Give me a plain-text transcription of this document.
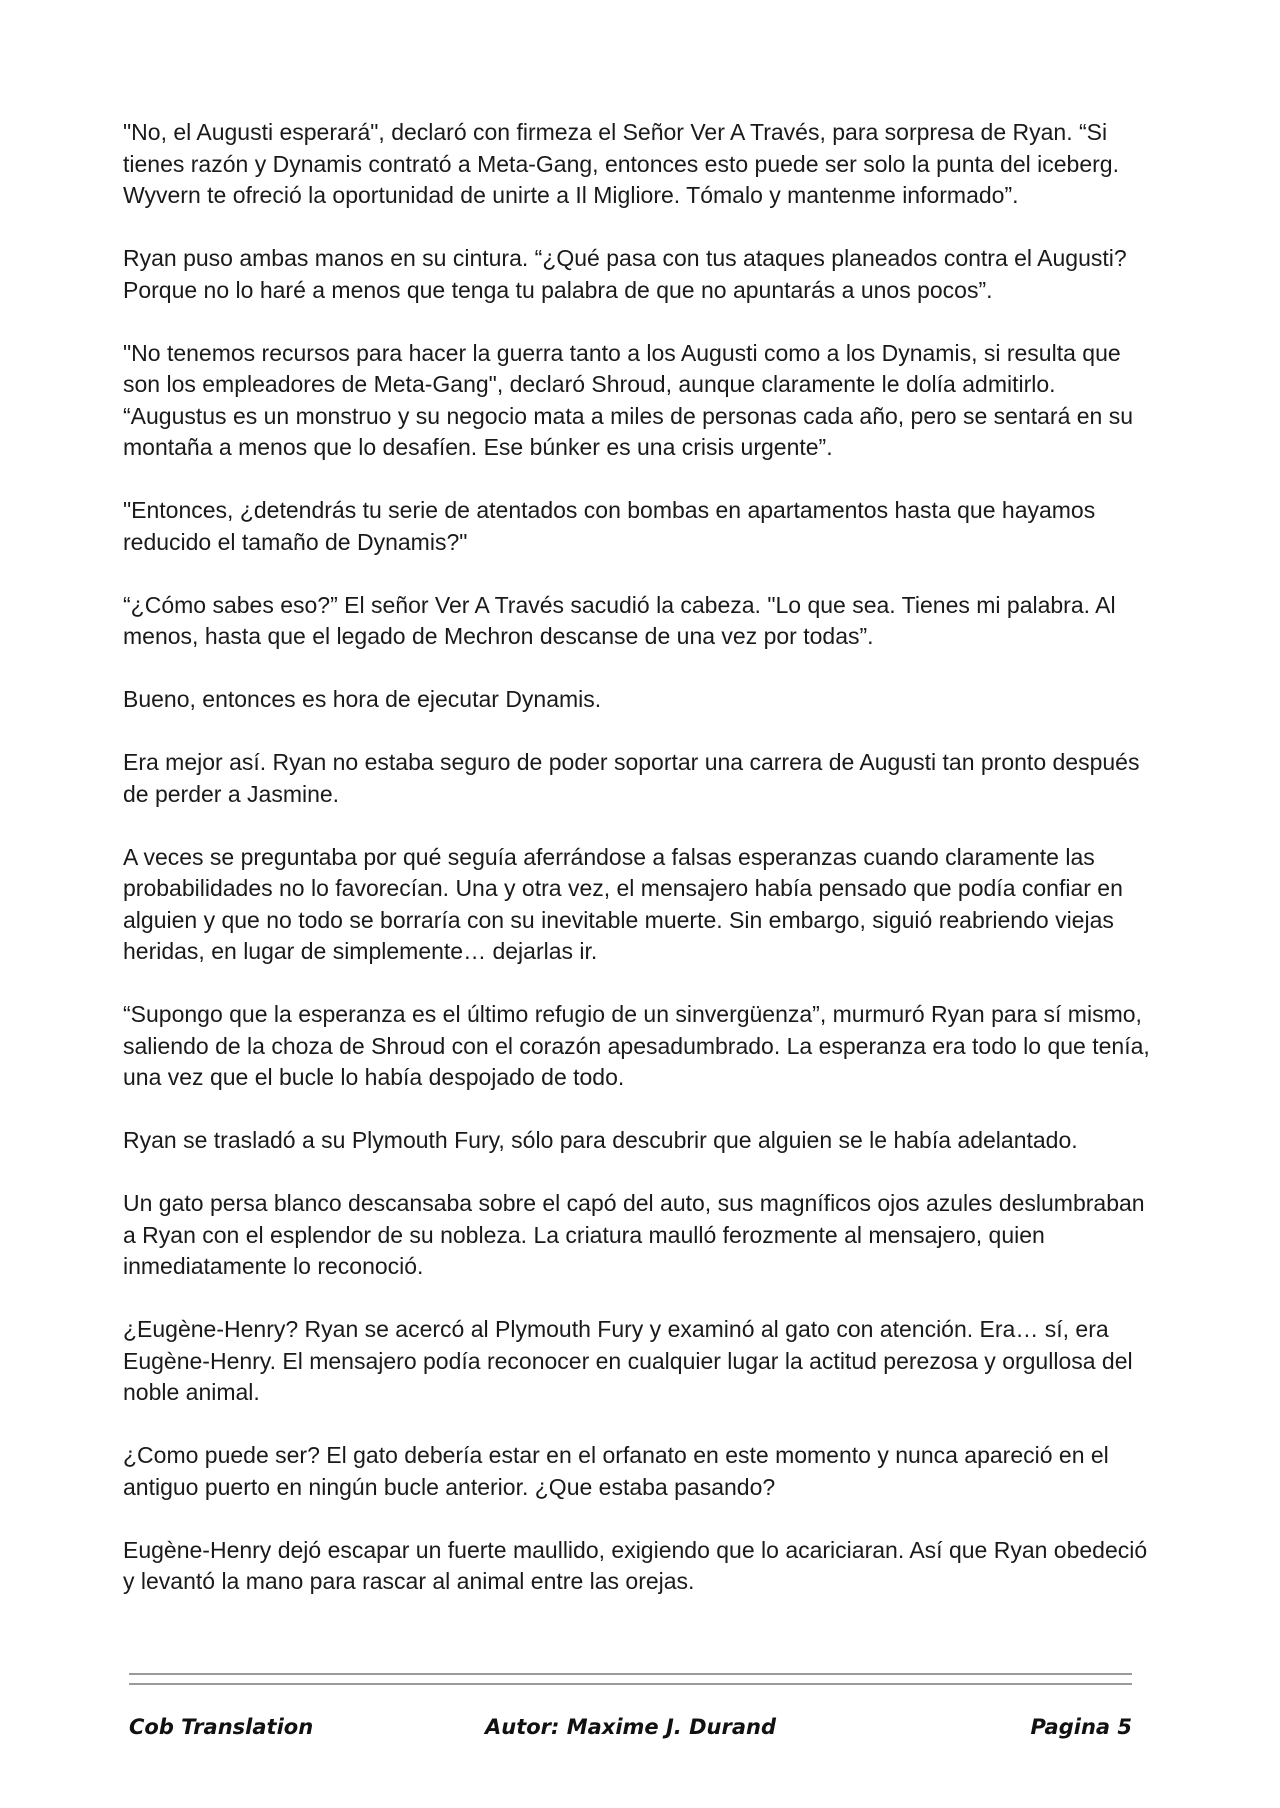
"No, el Augusti esperará", declaró con firmeza el Señor Ver A Través, para sorpresa de Ryan. “Si tienes razón y Dynamis contrató a Meta-Gang, entonces esto puede ser solo la punta del iceberg. Wyvern te ofreció la oportunidad de unirte a Il Migliore. Tómalo y mantenme informado”.

Ryan puso ambas manos en su cintura. “¿Qué pasa con tus ataques planeados contra el Augusti? Porque no lo haré a menos que tenga tu palabra de que no apuntarás a unos pocos”.

"No tenemos recursos para hacer la guerra tanto a los Augusti como a los Dynamis, si resulta que son los empleadores de Meta-Gang", declaró Shroud, aunque claramente le dolía admitirlo. “Augustus es un monstruo y su negocio mata a miles de personas cada año, pero se sentará en su montaña a menos que lo desafíen. Ese búnker es una crisis urgente”.

"Entonces, ¿detendrás tu serie de atentados con bombas en apartamentos hasta que hayamos reducido el tamaño de Dynamis?"

“¿Cómo sabes eso?” El señor Ver A Través sacudió la cabeza. "Lo que sea. Tienes mi palabra. Al menos, hasta que el legado de Mechron descanse de una vez por todas”.

Bueno, entonces es hora de ejecutar Dynamis.

Era mejor así. Ryan no estaba seguro de poder soportar una carrera de Augusti tan pronto después de perder a Jasmine.

A veces se preguntaba por qué seguía aferrándose a falsas esperanzas cuando claramente las probabilidades no lo favorecían. Una y otra vez, el mensajero había pensado que podía confiar en alguien y que no todo se borraría con su inevitable muerte. Sin embargo, siguió reabriendo viejas heridas, en lugar de simplemente… dejarlas ir.

“Supongo que la esperanza es el último refugio de un sinvergüenza”, murmuró Ryan para sí mismo, saliendo de la choza de Shroud con el corazón apesadumbrado. La esperanza era todo lo que tenía, una vez que el bucle lo había despojado de todo.

Ryan se trasladó a su Plymouth Fury, sólo para descubrir que alguien se le había adelantado.

Un gato persa blanco descansaba sobre el capó del auto, sus magníficos ojos azules deslumbraban a Ryan con el esplendor de su nobleza. La criatura maulló ferozmente al mensajero, quien inmediatamente lo reconoció.

¿Eugène-Henry? Ryan se acercó al Plymouth Fury y examinó al gato con atención. Era… sí, era Eugène-Henry. El mensajero podía reconocer en cualquier lugar la actitud perezosa y orgullosa del noble animal.

¿Como puede ser? El gato debería estar en el orfanato en este momento y nunca apareció en el antiguo puerto en ningún bucle anterior. ¿Que estaba pasando?

Eugène-Henry dejó escapar un fuerte maullido, exigiendo que lo acariciaran. Así que Ryan obedeció y levantó la mano para rascar al animal entre las orejas.

Cob Translation	Autor: Maxime J. Durand	Pagina 5
